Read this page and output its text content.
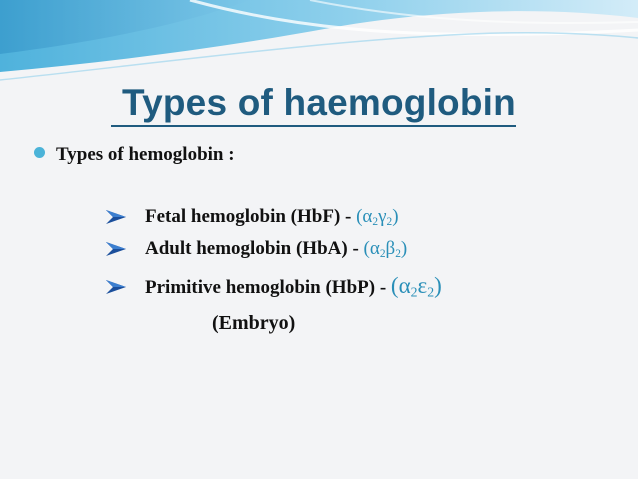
Types of haemoglobin
Types of hemoglobin :
Fetal hemoglobin $(HbF) - (\alpha_2\gamma_2)$
Adult hemoglobin $(HbA) - (\alpha_2\beta_2)$
Primitive hemoglobin $(HbP) - (\alpha_2\varepsilon_2)$
(Embryo)
